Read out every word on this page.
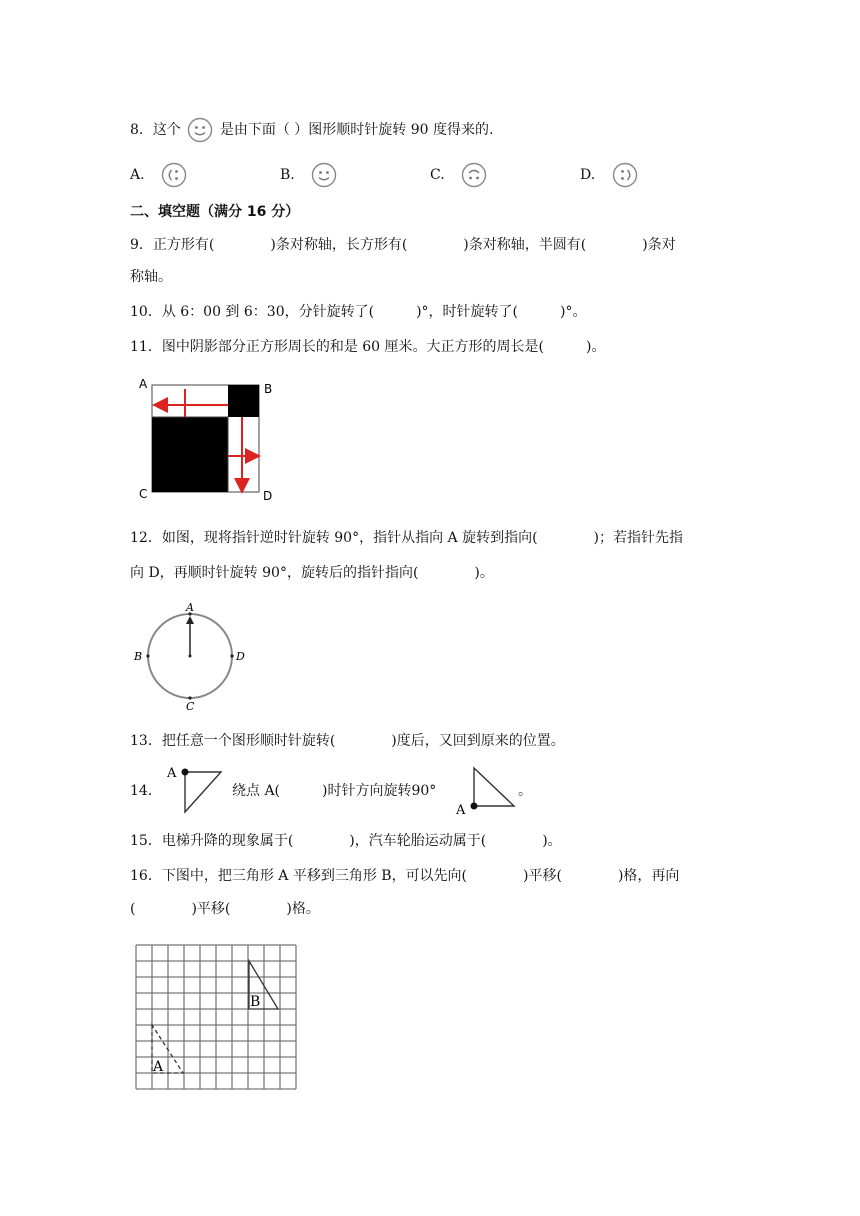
8．这个	是由下面（ ）图形顺时针旋转 90 度得来的.
A.	B.	C.	D.
二、填空题（满分 16 分）
9．正方形有(　　　　)条对称轴，长方形有(　　　　)条对称轴，半圆有(　　　　)条对
称轴。
10．从 6：00 到 6：30，分针旋转了(　　　)°，时针旋转了(　　　)°。
11．图中阴影部分正方形周长的和是 60 厘米。大正方形的周长是(　　　)。
A	B
C	D
12．如图，现将指针逆时针旋转 90°，指针从指向 A 旋转到指向(　　　　)；若指针先指
向 D，再顺时针旋转 90°，旋转后的指针指向(　　　　)。
A
B	D
C
13．把任意一个图形顺时针旋转(　　　　)度后，又回到原来的位置。
14．
A
绕点 A(　　　)时针方向旋转90°
A
。
15．电梯升降的现象属于(　　　　)，汽车轮胎运动属于(　　　　)。
16．下图中，把三角形 A 平移到三角形 B，可以先向(　　　　)平移(　　　　)格，再向
(　　　　)平移(　　　　)格。
B
A
